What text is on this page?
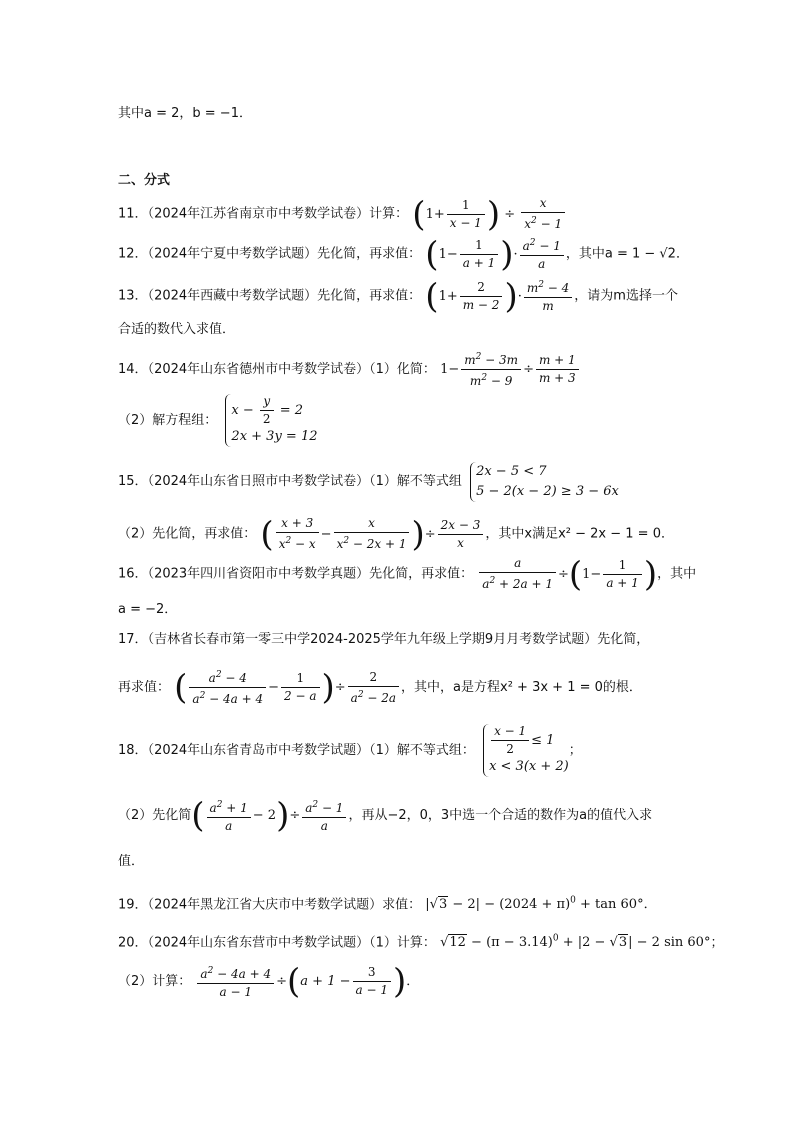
其中a = 2，b = −1．
二、分式
11．（2024年江苏省南京市中考数学试卷）计算： ($1+ \frac{1}{x - 1}$ ) ÷ $\frac{x}{x^2 - 1}$
12．（2024年宁夏中考数学试题）先化简，再求值： ($1- \frac{1}{a + 1}$ )· $\frac{a^2 - 1}{a}$ ，其中a = 1 − √2．
13．（2024年西藏中考数学试题）先化简，再求值： ($1+ \frac{2}{m - 2}$ )· $\frac{m^2 - 4}{m}$ ，请为m选择一个
合适的数代入求值．
14．（2024年山东省德州市中考数学试卷）（1）化简： $1- \frac{m^2 - 3m}{m^2 - 9} \div \frac{m + 1}{m + 3}$
（2）解方程组：
$x - \frac{y}{2} = 2$
2x + 3y = 12
15．（2024年山东省日照市中考数学试卷）（1）解不等式组
2x − 5 < 7
5 − 2(x − 2) ≥ 3 − 6x
（2）先化简，再求值： ( $\frac{x + 3}{x^2 - x} - \frac{x}{x^2 - 2x + 1}$ )÷ $\frac{2x - 3}{x}$ ，其中x满足x² − 2x − 1 = 0．
16．（2023年四川省资阳市中考数学真题）先化简，再求值： $\frac{a}{a^2 + 2a + 1} \div(1- \frac{1}{a + 1}$ )，其中
a = −2．
17．（吉林省长春市第一零三中学2024-2025学年九年级上学期9月月考数学试题）先化简，
再求值： ( $\frac{a^2 - 4}{a^2 - 4a + 4} - \frac{1}{2 - a}$ )÷ $\frac{2}{a^2 - 2a}$ ，其中，a是方程x² + 3x + 1 = 0的根．
18．（2024年山东省青岛市中考数学试题）（1）解不等式组： $\frac{x - 1}{2} \le 1$
x < 3(x + 2)
；
（2）先化简( $\frac{a^2 + 1}{a} - 2)\div \frac{a^2 - 1}{a}$ ，再从−2，0，3中选一个合适的数作为a的值代入求
值．
19．（2024年黑龙江省大庆市中考数学试题）求值： $|√3 - 2| - (2024 + \pi)^0 + \tan 60^\circ$．
20．（2024年山东省东营市中考数学试题）（1）计算： $√12 - (\pi - 3.14)^0 + |2 - √3| - 2$ sin 60°；
（2）计算： $\frac{a^2 - 4a + 4}{a - 1} \div(a + 1 - \frac{3}{a - 1}$ )．
